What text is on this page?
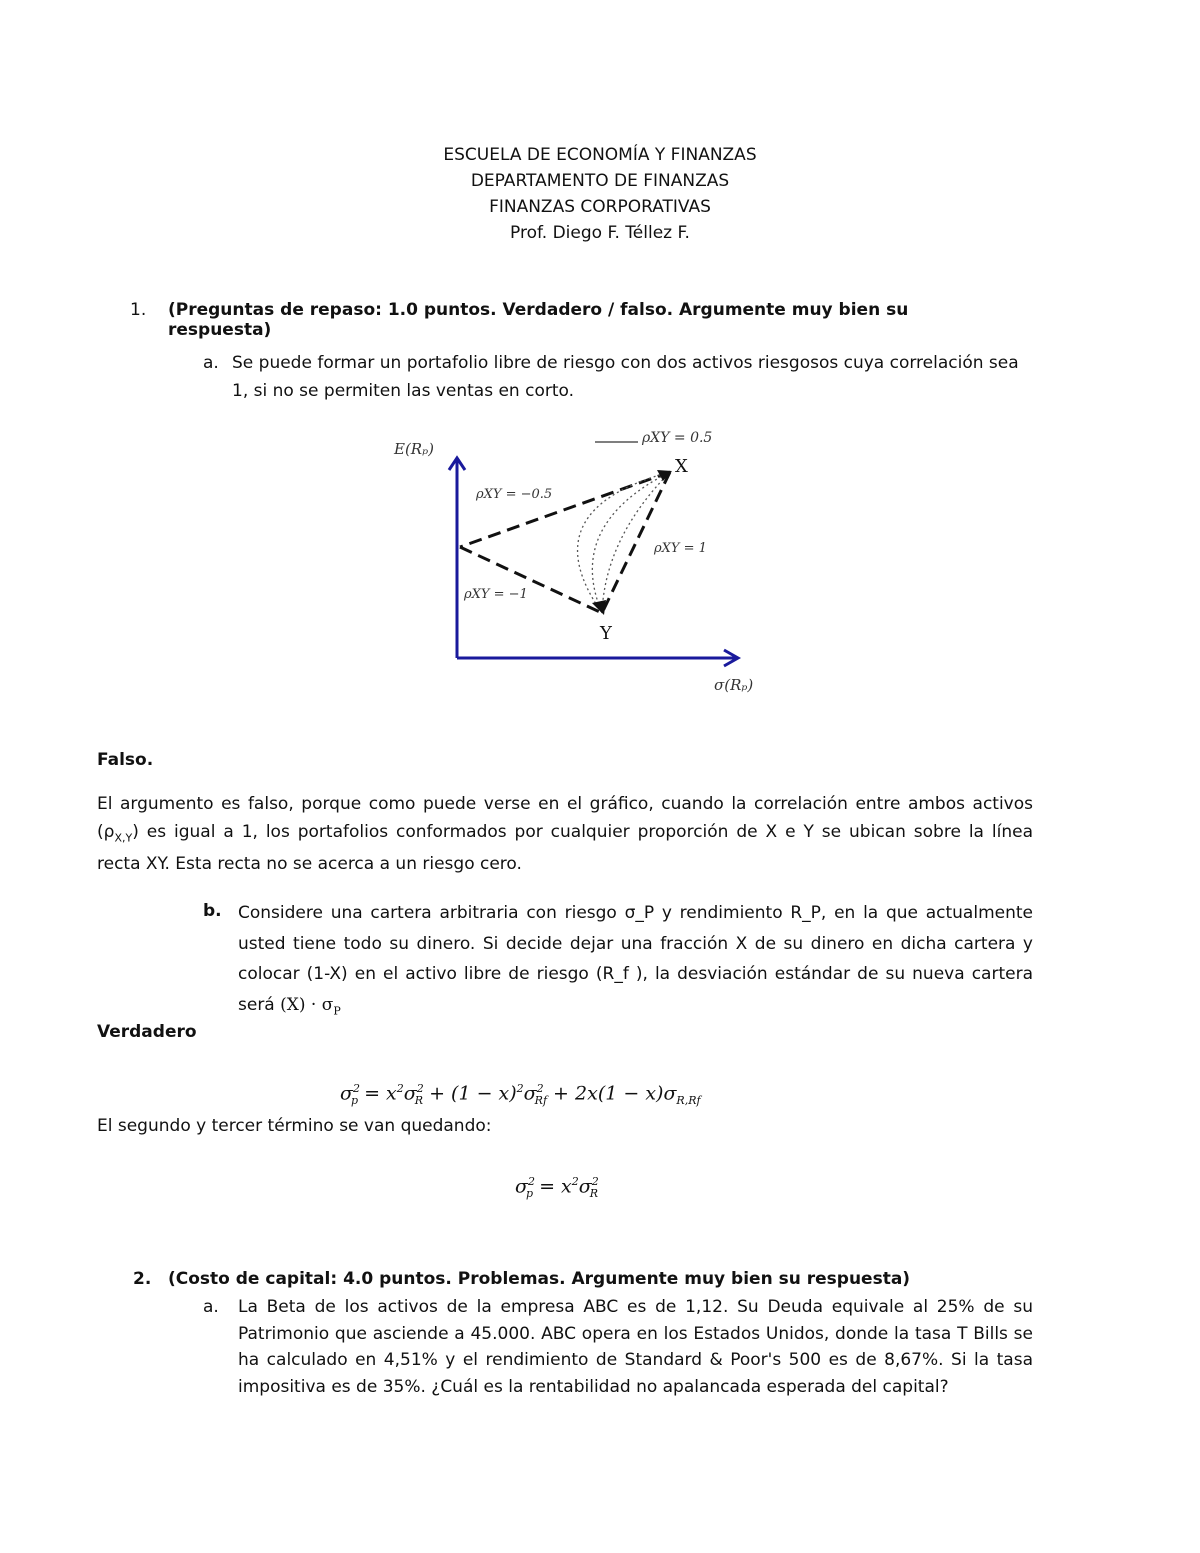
ESCUELA DE ECONOMÍA Y FINANZAS
DEPARTAMENTO DE FINANZAS
FINANZAS CORPORATIVAS
Prof. Diego F. Téllez F.
1. (Preguntas de repaso: 1.0 puntos. Verdadero / falso. Argumente muy bien su respuesta)
a. Se puede formar un portafolio libre de riesgo con dos activos riesgosos cuya correlación sea
1, si no se permiten las ventas en corto.
E(Rₚ)
σ(Rₚ)
ρXY = 0.5
X
Y
ρXY = −0.5
ρXY = 1
ρXY = −1
Falso.
El argumento es falso, porque como puede verse en el gráfico, cuando la correlación entre ambos activos $(\rho_{X,Y})$ es igual a 1, los portafolios conformados por cualquier proporción de X e Y se ubican sobre la línea recta XY. Esta recta no se acerca a un riesgo cero.
b. Considere una cartera arbitraria con riesgo σ_P y rendimiento R_P, en la que actualmente usted tiene todo su dinero. Si decide dejar una fracción X de su dinero en dicha cartera y colocar (1-X) en el activo libre de riesgo (R_f ), la desviación estándar de su nueva cartera será $(X) \cdot \sigma_P$
Verdadero
$\sigma^2_p = x^2\sigma^2_R + (1 - x)^2\sigma^2_{Rf} + 2x(1 - x)\sigma_{R,Rf}$
El segundo y tercer término se van quedando:
$\sigma^2_p = x^2\sigma^2_R$
2. (Costo de capital: 4.0 puntos. Problemas. Argumente muy bien su respuesta)
a. La Beta de los activos de la empresa ABC es de 1,12. Su Deuda equivale al 25% de su Patrimonio que asciende a 45.000. ABC opera en los Estados Unidos, donde la tasa T Bills se ha calculado en 4,51% y el rendimiento de Standard & Poor's 500 es de 8,67%. Si la tasa impositiva es de 35%. ¿Cuál es la rentabilidad no apalancada esperada del capital?
